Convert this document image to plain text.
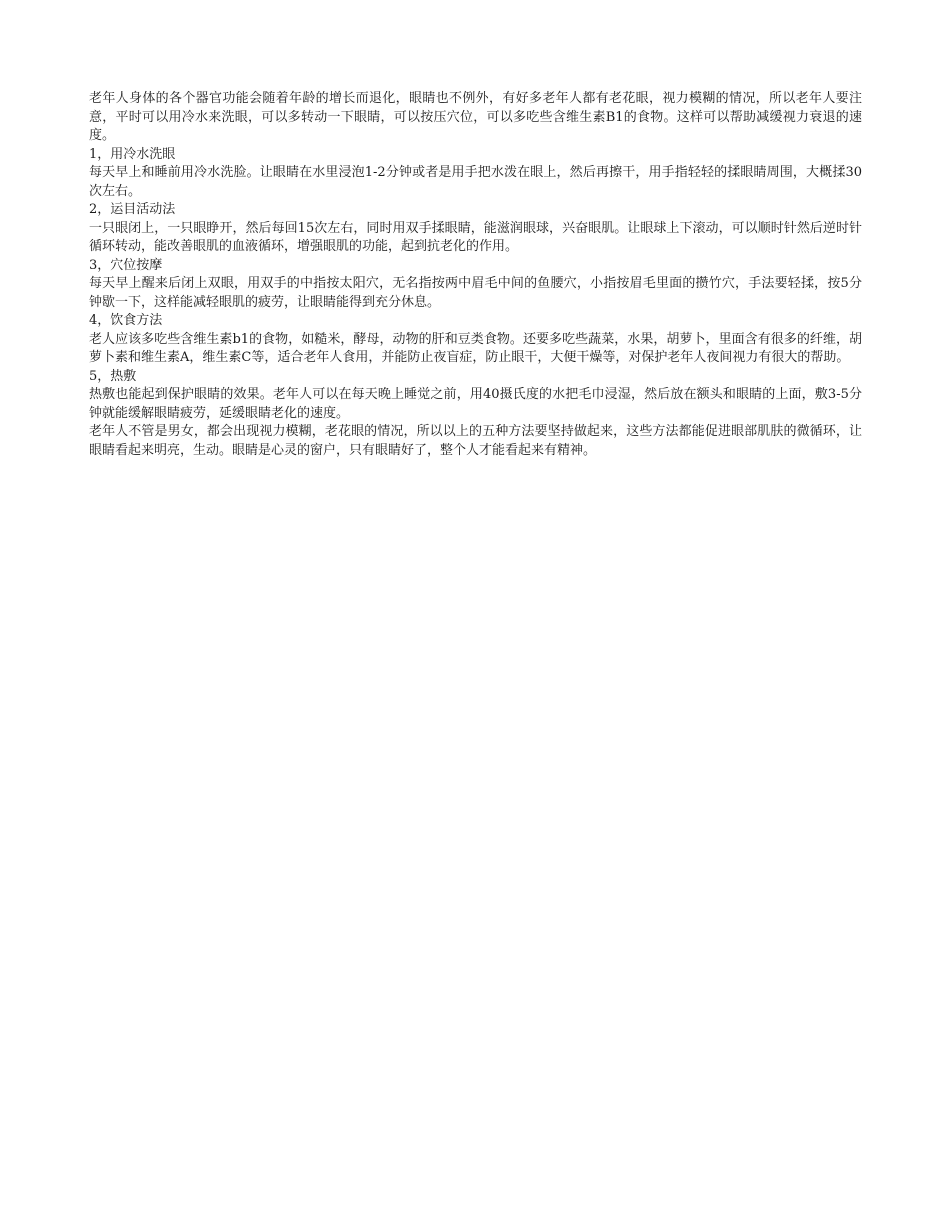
老年人身体的各个器官功能会随着年龄的增长而退化，眼睛也不例外，有好多老年人都有老花眼，视力模糊的情况，所以老年人要注意，平时可以用冷水来洗眼，可以多转动一下眼睛，可以按压穴位，可以多吃些含维生素B1的食物。这样可以帮助减缓视力衰退的速度。

1，用冷水洗眼

每天早上和睡前用冷水洗脸。让眼睛在水里浸泡1-2分钟或者是用手把水泼在眼上，然后再擦干，用手指轻轻的揉眼睛周围，大概揉30次左右。

2，运目活动法

一只眼闭上，一只眼睁开，然后每回15次左右，同时用双手揉眼睛，能滋润眼球，兴奋眼肌。让眼球上下滚动，可以顺时针然后逆时针循环转动，能改善眼肌的血液循环，增强眼肌的功能，起到抗老化的作用。

3，穴位按摩

每天早上醒来后闭上双眼，用双手的中指按太阳穴，无名指按两中眉毛中间的鱼腰穴，小指按眉毛里面的攒竹穴，手法要轻揉，按5分钟歇一下，这样能减轻眼肌的疲劳，让眼睛能得到充分休息。

4，饮食方法

老人应该多吃些含维生素b1的食物，如糙米，酵母，动物的肝和豆类食物。还要多吃些蔬菜，水果，胡萝卜，里面含有很多的纤维，胡萝卜素和维生素A，维生素C等，适合老年人食用，并能防止夜盲症，防止眼干，大便干燥等，对保护老年人夜间视力有很大的帮助。

5，热敷

热敷也能起到保护眼睛的效果。老年人可以在每天晚上睡觉之前，用40摄氏度的水把毛巾浸湿，然后放在额头和眼睛的上面，敷3-5分钟就能缓解眼睛疲劳，延缓眼睛老化的速度。

老年人不管是男女，都会出现视力模糊，老花眼的情况，所以以上的五种方法要坚持做起来，这些方法都能促进眼部肌肤的微循环，让眼睛看起来明亮，生动。眼睛是心灵的窗户，只有眼睛好了，整个人才能看起来有精神。
